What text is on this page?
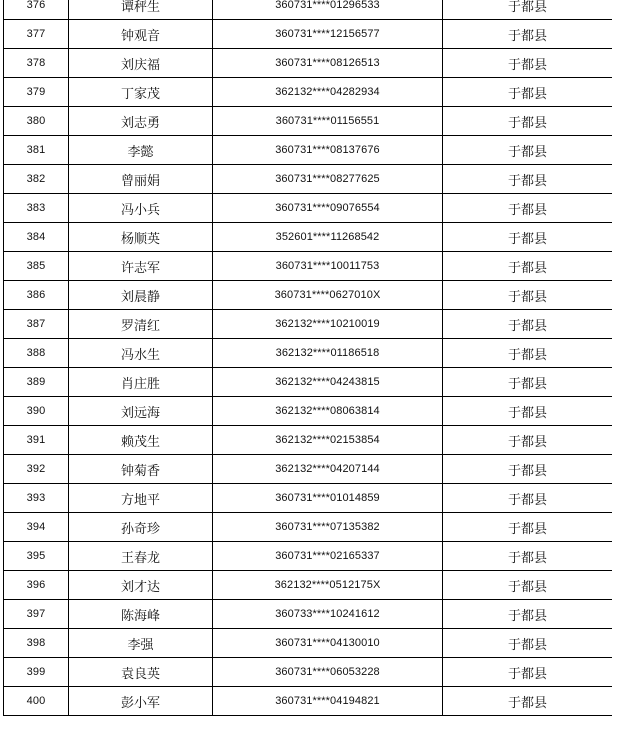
376	谭秤生	360731****01296533	于都县
377	钟观音	360731****12156577	于都县
378	刘庆福	360731****08126513	于都县
379	丁家茂	362132****04282934	于都县
380	刘志勇	360731****01156551	于都县
381	李懿	360731****08137676	于都县
382	曾丽娟	360731****08277625	于都县
383	冯小兵	360731****09076554	于都县
384	杨顺英	352601****11268542	于都县
385	许志军	360731****10011753	于都县
386	刘晨静	360731****0627010X	于都县
387	罗清红	362132****10210019	于都县
388	冯水生	362132****01186518	于都县
389	肖庄胜	362132****04243815	于都县
390	刘远海	362132****08063814	于都县
391	赖茂生	362132****02153854	于都县
392	钟菊香	362132****04207144	于都县
393	方地平	360731****01014859	于都县
394	孙奇珍	360731****07135382	于都县
395	王春龙	360731****02165337	于都县
396	刘才达	362132****0512175X	于都县
397	陈海峰	360733****10241612	于都县
398	李强	360731****04130010	于都县
399	袁良英	360731****06053228	于都县
400	彭小军	360731****04194821	于都县
